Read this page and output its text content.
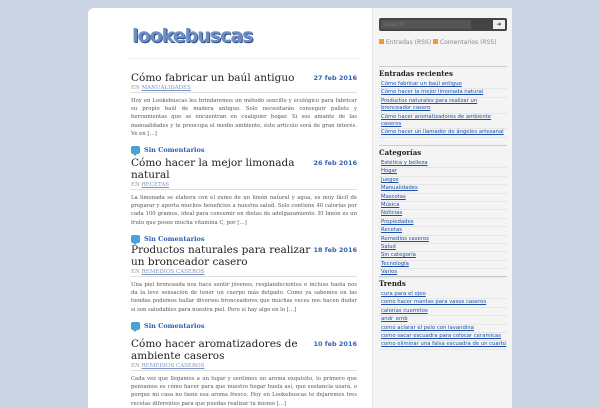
lookebuscas
Cómo fabricar un baúl antiguo	27 feb 2016
EN MANUALIDADES
Hoy en Lookebuscas les brindaremos un método sencillo y ecológico para fabricar su propio baúl de madera antiguo. Solo necesitarán conseguir pallets y herramientas que se encuentran en cualquier hogar. Si sos amante de las manualidades y te preocupa el medio ambiente, éste artículo será de gran interés. Ve en […]
Sin Comentarios
Cómo hacer la mejor limonada natural
26 feb 2016
EN RECETAS
La limonada se elabora con el zumo de un limón natural y agua, es muy fácil de preparar y aporta muchos beneficios a nuestra salud. Solo contiene 40 calorías por cada 100 gramos, ideal para consumir en dietas de adelgazamiento. El limón es un fruto que posee mucha vitamina C, por […]
Sin Comentarios
Productos naturales para realizar un bronceador casero
18 feb 2016
EN REMEDIOS CASEROS
Una piel bronceada nos hace sentir jóvenes, resplandecientes e incluso hasta nos da la leve sensación de tener un cuerpo más delgado. Como ya sabemos en las tiendas podemos hallar diversos bronceadores que muchas veces nos hacen dudar si son saludables para nuestra piel. Pero si hay algo en lo […]
Sin Comentarios
Cómo hacer aromatizadores de ambiente caseros
10 feb 2016
EN REMEDIOS CASEROS
Cada vez que llegamos a un lugar y sentimos un aroma exquisito, lo primero que pensamos es cómo hacer para que nuestro hogar huela así, que sustancia usará, o porque mi casa no tiene esa aroma fresco. Hoy en Lookebuscas te dejaremos tres recetas diferentes para que puedas realizar tu mismo […]
search
➜
Entradas (RSS) Comentarios (RSS)
Entradas recientes
Cómo fabricar un baúl antiguo
Cómo hacer la mejor limonada natural
Productos naturales para realizar un bronceador casero
Cómo hacer aromatizadores de ambiente caseros
Cómo hacer un llamador de ángeles artesanal
Categorías
Estética y belleza
Hogar
Juegos
Manualidades
Mascotas
Música
Noticias
Propiedades
Recetas
Remedios caseros
Salud
Sin categoría
Tecnología
Varios
Trends
cura para el ojeo
como hacer mantas para vasos caseros
calorías cuernitos
andr_emb
como aclarar el pelo con lavandina
como sacar escuadra para colocar ceramicas
como eliminar una falsa escuadra de un cuarto
